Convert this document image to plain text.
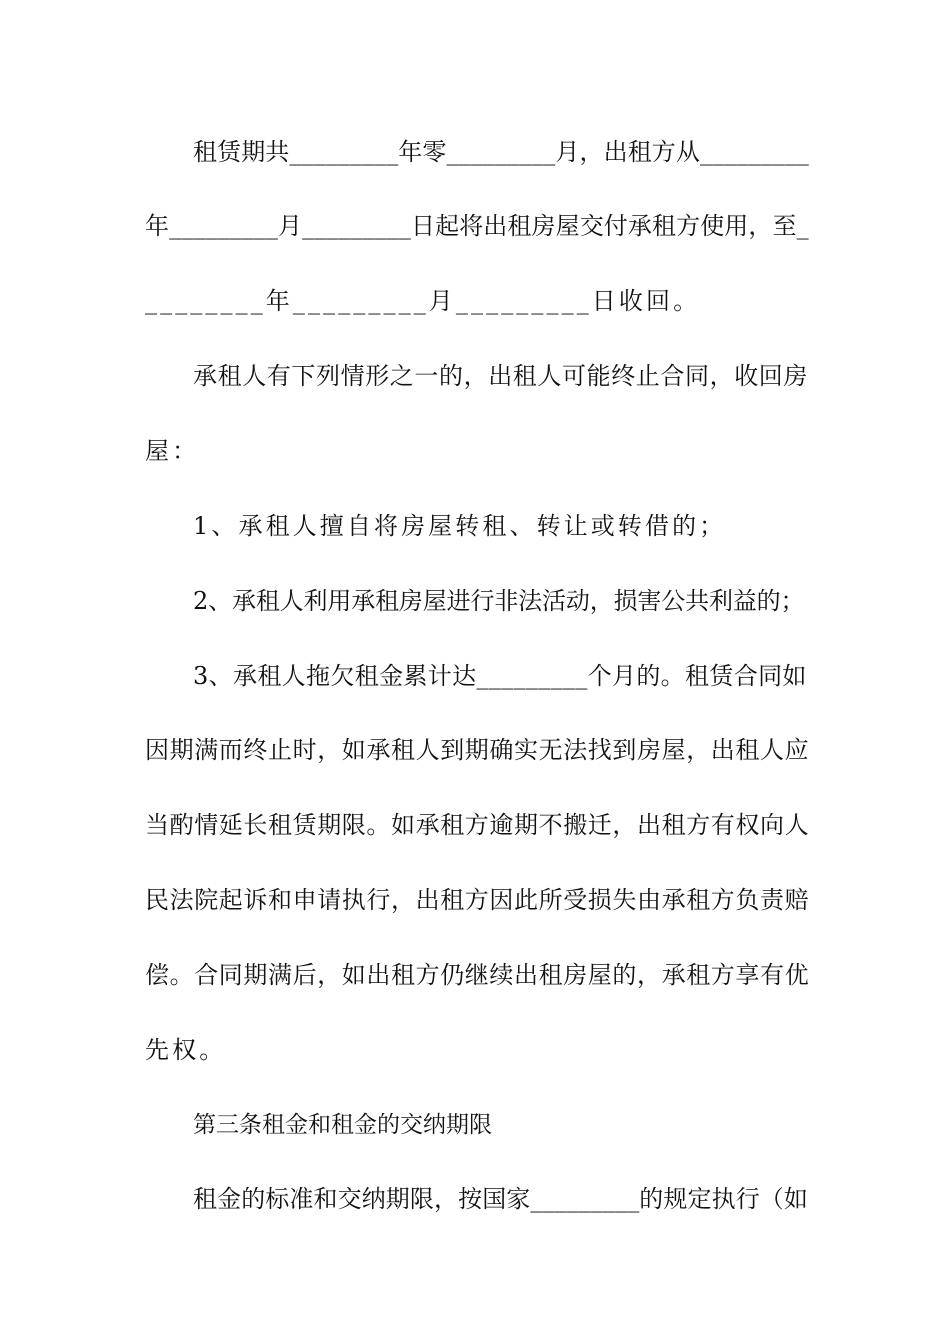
租赁期共_________年零_________月，出租方从_________
年_________月_________日起将出租房屋交付承租方使用，至_
________年_________月_________日收回。
承租人有下列情形之一的，出租人可能终止合同，收回房
屋：
1、承租人擅自将房屋转租、转让或转借的；
2、承租人利用承租房屋进行非法活动，损害公共利益的；
3、承租人拖欠租金累计达_________个月的。租赁合同如
因期满而终止时，如承租人到期确实无法找到房屋，出租人应
当酌情延长租赁期限。如承租方逾期不搬迁，出租方有权向人
民法院起诉和申请执行，出租方因此所受损失由承租方负责赔
偿。合同期满后，如出租方仍继续出租房屋的，承租方享有优
先权。
第三条租金和租金的交纳期限
租金的标准和交纳期限，按国家_________的规定执行（如
